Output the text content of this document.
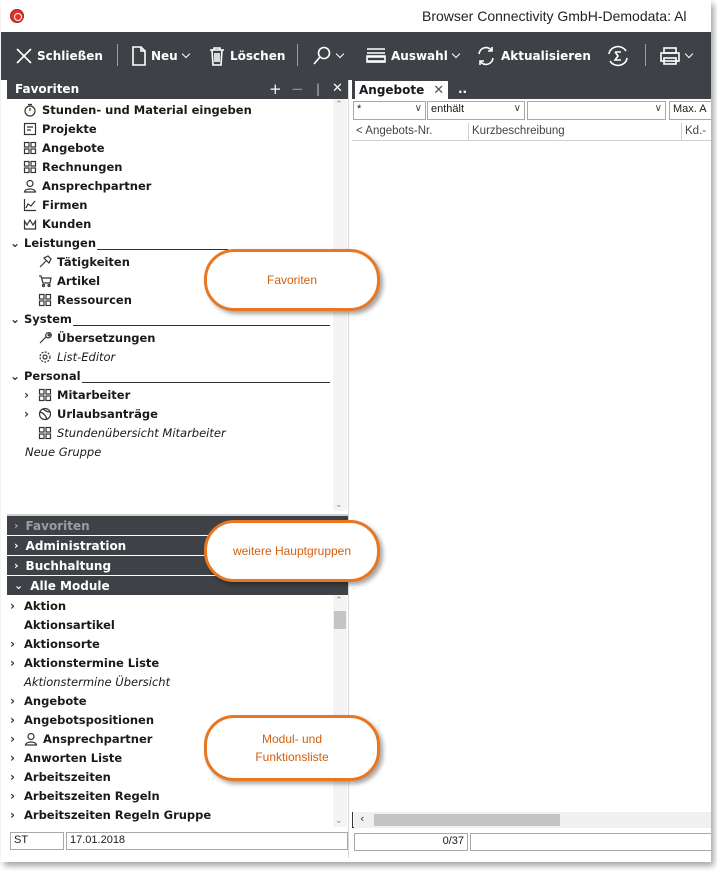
Browser Connectivity GmbH-Demodata: Al
Schließen	Neu	Löschen	Auswahl	Aktualisieren
Favoriten	+ − | ✕
Stunden- und Material eingeben
Projekte
Angebote
Rechnungen
Ansprechpartner
Firmen
Kunden
⌄ Leistungen
Tätigkeiten
Artikel
Ressourcen
⌄ System
Übersetzungen
List-Editor
⌄ Personal
›	Mitarbeiter
›	Urlaubsanträge
Stundenübersicht Mitarbeiter
Neue Gruppe
⌃
⌄
› Favoriten
› Administration
› Buchhaltung
⌄ Alle Module
› Aktion
Aktionsartikel
› Aktionsorte
› Aktionstermine Liste
Aktionstermine Übersicht
› Angebote
› Angebotspositionen
›	Ansprechpartner
› Anworten Liste
› Arbeitszeiten
› Arbeitszeiten Regeln
› Arbeitszeiten Regeln Gruppe
⌃
⌄
ST	17.01.2018
Angebote ✕ ..
*	∨ enthält	∨	∨	Max. A
< Angebots-Nr.	Kurzbeschreibung	Kd.-
‹
0/37
Favoriten
weitere Hauptgruppen
Modul- und
Funktionsliste
